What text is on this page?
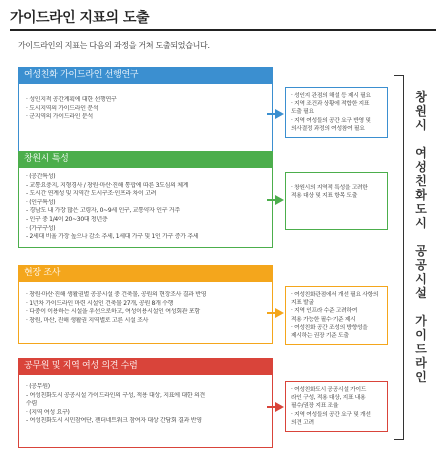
가이드라인 지표의 도출
가이드라인의 지표는 다음의 과정을 거쳐 도출되었습니다.
여성친화 가이드라인 선행연구
· 성인지적 공간계획에 대한 선행연구
· 도시지역의 가이드라인 분석
· 군지역의 가이드라인 분석
· 성인지 관점의 해설 등 제시 필요
· 지역 조건과 상황에 적합한 지표
도출 필요
· 지역 여성들의 공간 요구 반영 및
의사결정 과정의 여성참여 필요
창원시 특성
· (공간특성)
- 교통요충지, 지형경사 / 창원·마산·진해 통합에 따른 3도심의 체계
- 도시간 연계성 및 지역간 도시구조·인프라 차이 고려
· (인구특성)
- 경남도 내 가장 많은 고령자, 0~9세 인구, 교통약자 인구 거주
- 인구 중 1/4이 20~30대 청년층
· (가구구성)
- 2세대 비율 가장 높으나 감소 추세, 1세대 가구 및 1인 가구 증가 추세
· 창원시의 지역적 특성을 고려한
적용 대상 및 지표 항목 도출
현장 조사
· 창원·마산·진해 생활권별 공공시설 중 건축물, 공원의 현장조사 결과 반영
· 1년차 가이드라인 마련 시설인 건축물 27개, 공원 8개 수행
· 다중이 이용하는 시설을 우선으로하고, 여성이용시설인 여성회관 포함
· 창원, 마산, 진해 생활권 지역별로 고른 시설 조사
· 여성친화관점에서 개선 필요 사항의
지표 발굴
· 지역 인프라 수준 고려하여
적용 가능한 필수·기준 제시
· 여성친화 공간 조성의 방향성을
제시하는 권장 기준 도출
공무원 및 지역 여성 의견 수렴
· (공무원)
- 여성친화도시 공공시설 가이드라인의 구성, 적용 대상, 지표에 대한 의견
수렴
· (지역 여성 요구)
- 여성친화도시 시민참여단, 젠더네트워크 참여자 대상 간담회 결과 반영
· 여성친화도시 공공시설 가이드
라인 구성, 적용 대상, 지표 내용
필수/권장 지표 조율
· 지역 여성들의 공간 요구 및 개선
의견 고려
창
원
시

여
성
친
화
도
시

공
공
시
설

가
이
드
라
인
